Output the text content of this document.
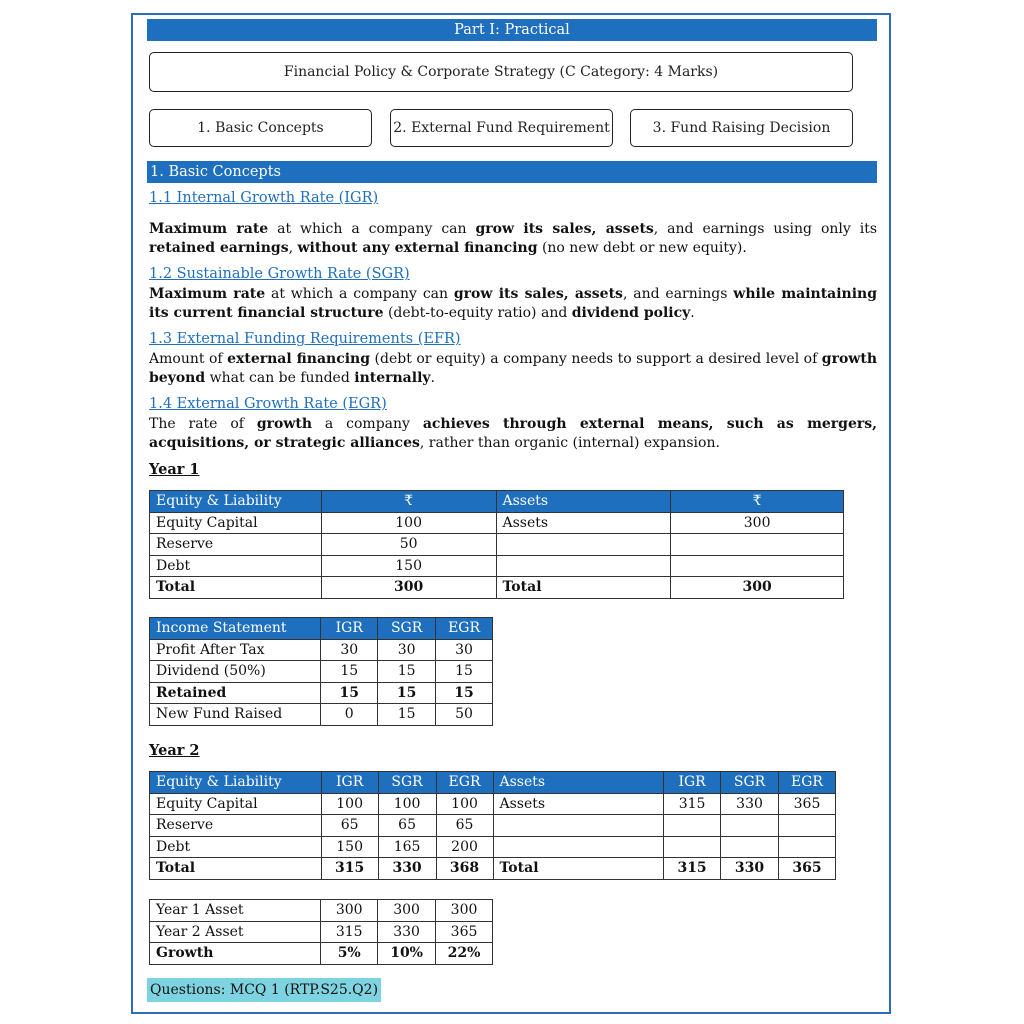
Part I: Practical
Financial Policy & Corporate Strategy (C Category: 4 Marks)
1. Basic Concepts	2. External Fund Requirement	3. Fund Raising Decision
1. Basic Concepts
1.1 Internal Growth Rate (IGR)
Maximum rate at which a company can grow its sales, assets, and earnings using only its retained earnings, without any external financing (no new debt or new equity).
1.2 Sustainable Growth Rate (SGR)
Maximum rate at which a company can grow its sales, assets, and earnings while maintaining its current financial structure (debt-to-equity ratio) and dividend policy.
1.3 External Funding Requirements (EFR)
Amount of external financing (debt or equity) a company needs to support a desired level of growth beyond what can be funded internally.
1.4 External Growth Rate (EGR)
The rate of growth a company achieves through external means, such as mergers, acquisitions, or strategic alliances, rather than organic (internal) expansion.
Year 1
Equity & Liability	₹	Assets	₹
Equity Capital	100	Assets	300
Reserve	50		
Debt	150		
Total	300	Total	300
Income Statement	IGR	SGR	EGR
Profit After Tax	30	30	30
Dividend (50%)	15	15	15
Retained	15	15	15
New Fund Raised	0	15	50
Year 2
Equity & Liability	IGR	SGR	EGR	Assets	IGR	SGR	EGR
Equity Capital	100	100	100	Assets	315	330	365
Reserve	65	65	65				
Debt	150	165	200				
Total	315	330	368	Total	315	330	365
Year 1 Asset	300	300	300
Year 2 Asset	315	330	365
Growth	5%	10%	22%
Questions: MCQ 1 (RTP.S25.Q2)
